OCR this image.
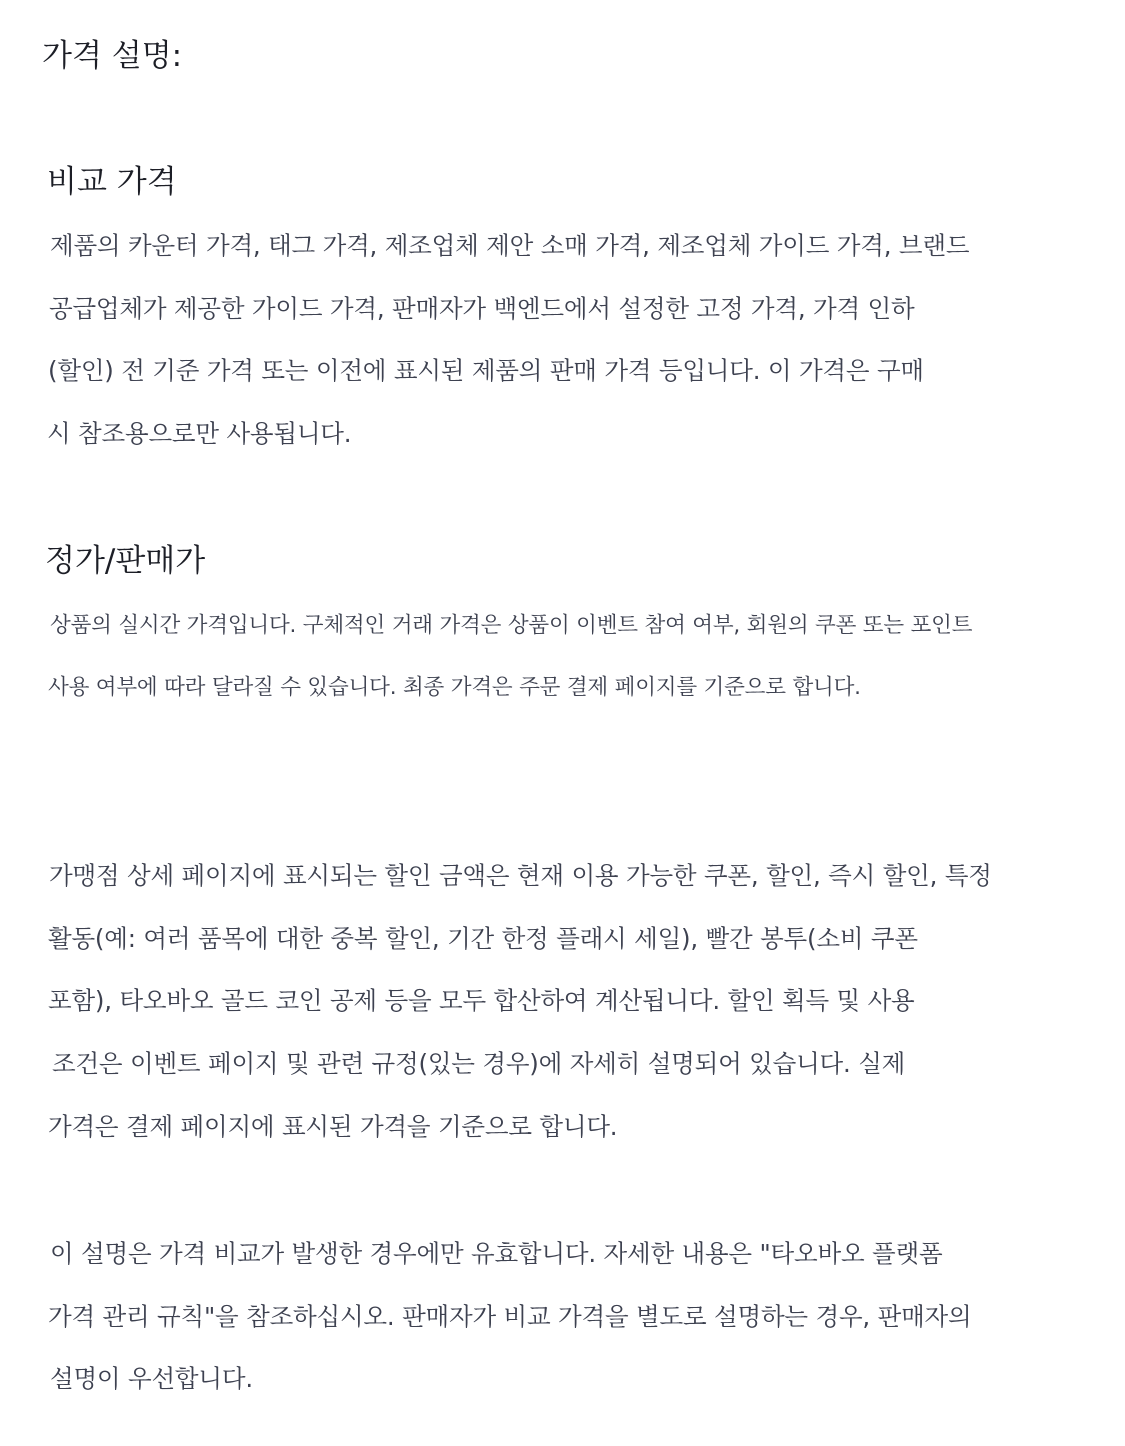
가격 설명:
비교 가격
제품의 카운터 가격, 태그 가격, 제조업체 제안 소매 가격, 제조업체 가이드 가격, 브랜드
공급업체가 제공한 가이드 가격, 판매자가 백엔드에서 설정한 고정 가격, 가격 인하
(할인) 전 기준 가격 또는 이전에 표시된 제품의 판매 가격 등입니다. 이 가격은 구매
시 참조용으로만 사용됩니다.
정가/판매가
상품의 실시간 가격입니다. 구체적인 거래 가격은 상품이 이벤트 참여 여부, 회원의 쿠폰 또는 포인트
사용 여부에 따라 달라질 수 있습니다. 최종 가격은 주문 결제 페이지를 기준으로 합니다.
가맹점 상세 페이지에 표시되는 할인 금액은 현재 이용 가능한 쿠폰, 할인, 즉시 할인, 특정
활동(예: 여러 품목에 대한 중복 할인, 기간 한정 플래시 세일), 빨간 봉투(소비 쿠폰
포함), 타오바오 골드 코인 공제 등을 모두 합산하여 계산됩니다. 할인 획득 및 사용
조건은 이벤트 페이지 및 관련 규정(있는 경우)에 자세히 설명되어 있습니다. 실제
가격은 결제 페이지에 표시된 가격을 기준으로 합니다.
이 설명은 가격 비교가 발생한 경우에만 유효합니다. 자세한 내용은 "타오바오 플랫폼
가격 관리 규칙"을 참조하십시오. 판매자가 비교 가격을 별도로 설명하는 경우, 판매자의
설명이 우선합니다.
